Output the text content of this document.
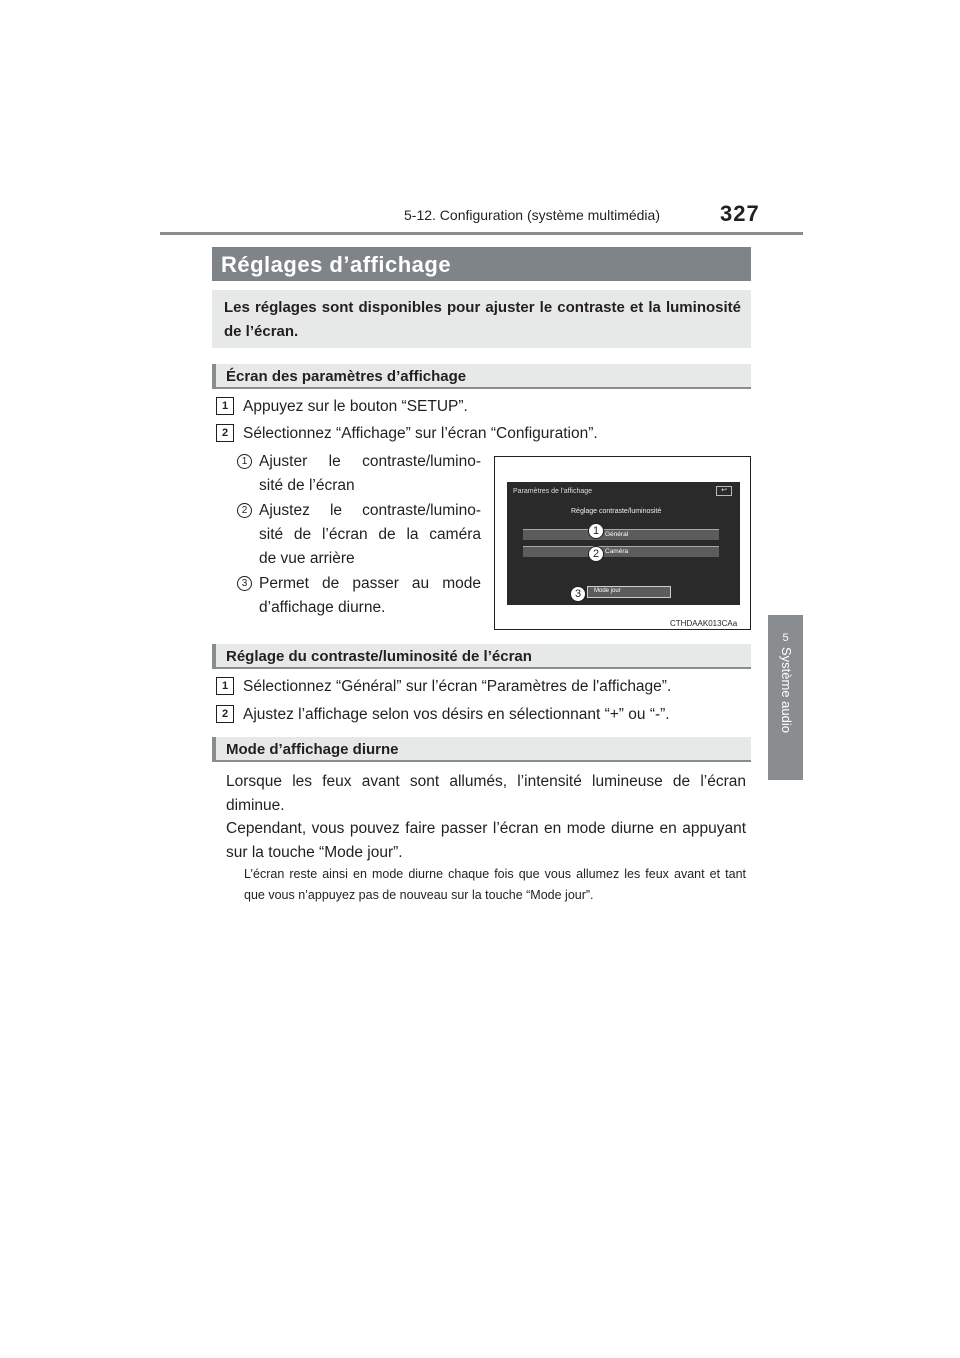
5-12. Configuration (système multimédia)	327
5
Système audio
Réglages d’affichage
Les réglages sont disponibles pour ajuster le contraste et la luminosité de l’écran.
Écran des paramètres d’affichage
1 Appuyez sur le bouton “SETUP”.
2 Sélectionnez “Affichage” sur l’écran “Configuration”.
1 Ajuster le contraste/lumino-
sité de l’écran
2 Ajustez le contraste/lumino-
sité de l’écran de la caméra
de vue arrière
3 Permet de passer au mode
d’affichage diurne.
Paramètres de l'affichage	↩
Réglage contraste/luminosité
Général
Caméra
Mode jour
1
2
3
CTHDAAK013CAa
Réglage du contraste/luminosité de l’écran
1 Sélectionnez “Général” sur l’écran “Paramètres de l'affichage”.
2 Ajustez l’affichage selon vos désirs en sélectionnant “+” ou “-”.
Mode d’affichage diurne
Lorsque les feux avant sont allumés, l’intensité lumineuse de l’écran diminue.
Cependant, vous pouvez faire passer l’écran en mode diurne en appuyant sur la touche “Mode jour”.
L’écran reste ainsi en mode diurne chaque fois que vous allumez les feux avant et tant que vous n’appuyez pas de nouveau sur la touche “Mode jour”.
